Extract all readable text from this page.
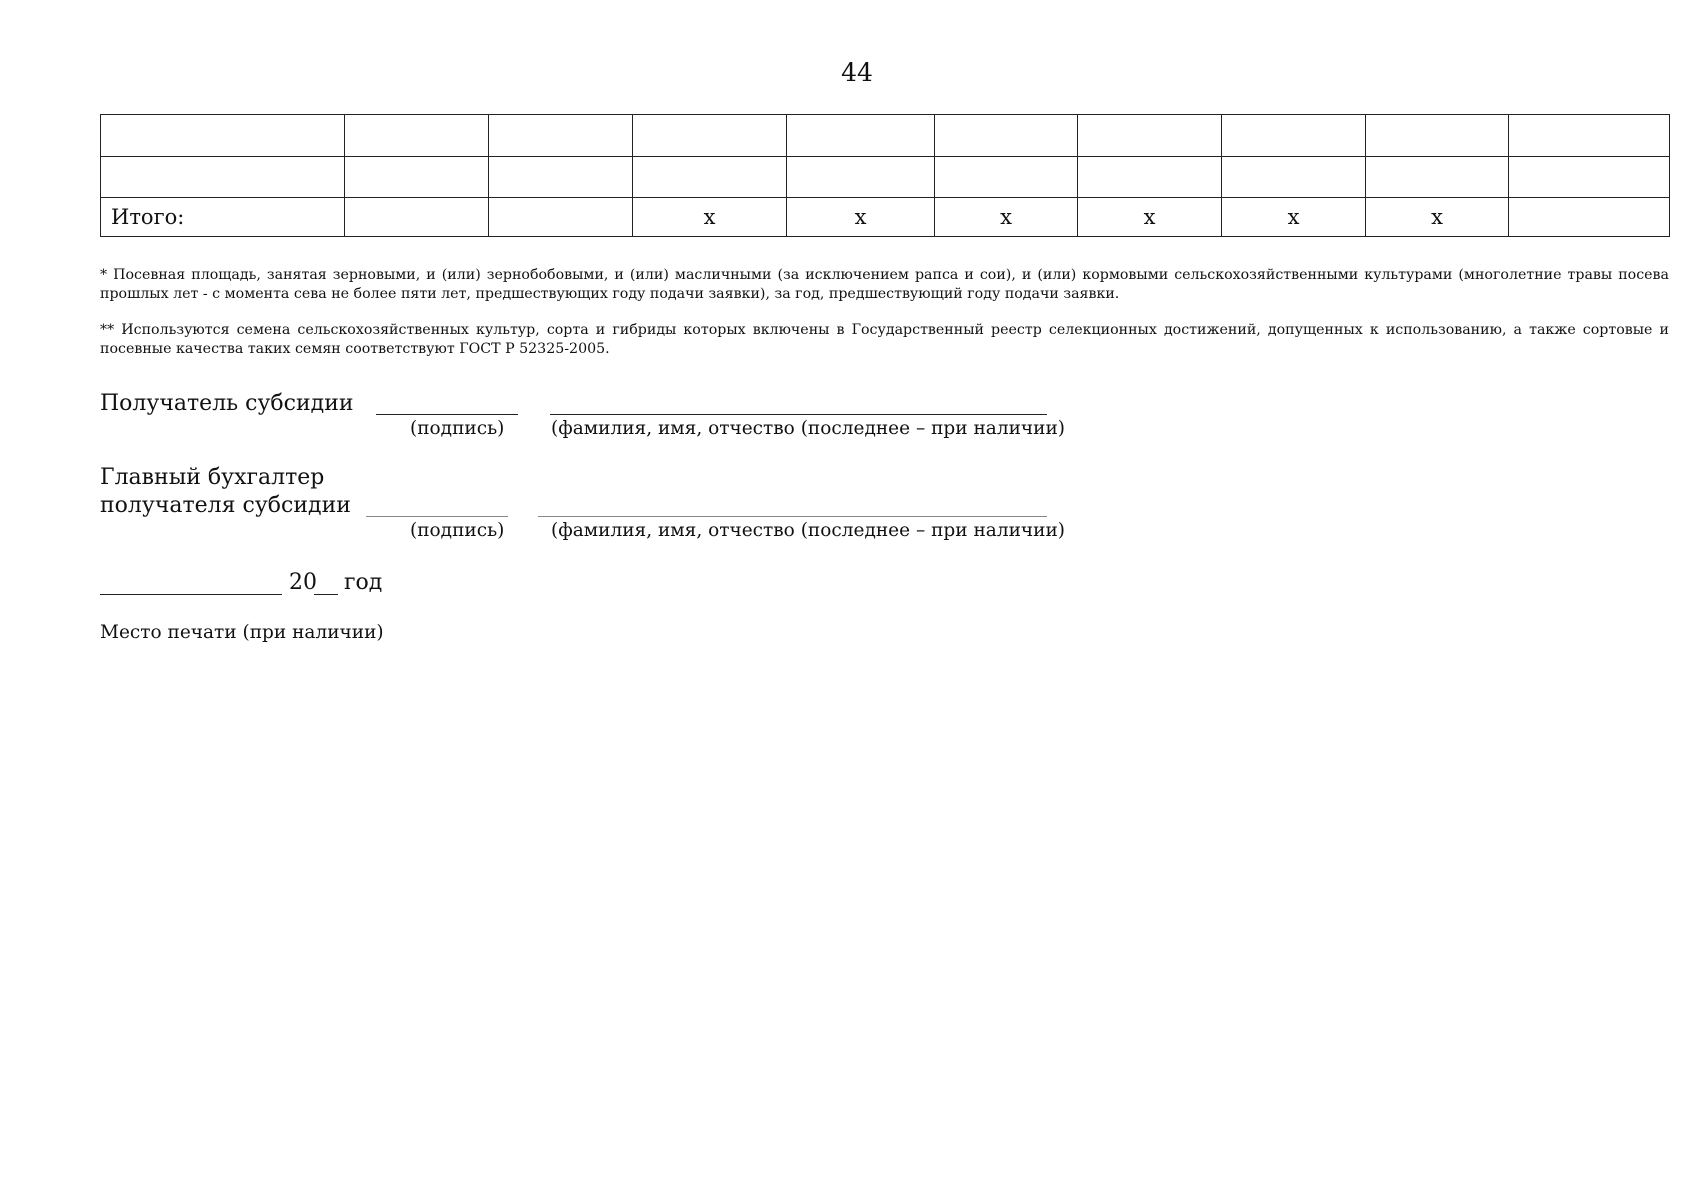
44

Итого:			х	х	х	х	х	х	
* Посевная площадь, занятая зерновыми, и (или) зернобобовыми, и (или) масличными (за исключением рапса и сои), и (или) кормовыми сельскохозяйственными культурами (многолетние травы посева прошлых лет - с момента сева не более пяти лет, предшествующих году подачи заявки), за год, предшествующий году подачи заявки.
** Используются семена сельскохозяйственных культур, сорта и гибриды которых включены в Государственный реестр селекционных достижений, допущенных к использованию, а также сортовые и посевные качества таких семян соответствуют ГОСТ Р 52325-2005.
Получатель субсидии
(подпись)	(фамилия, имя, отчество (последнее – при наличии)
Главный бухгалтер
получателя субсидии
(подпись)	(фамилия, имя, отчество (последнее – при наличии)
20 год
Место печати (при наличии)
